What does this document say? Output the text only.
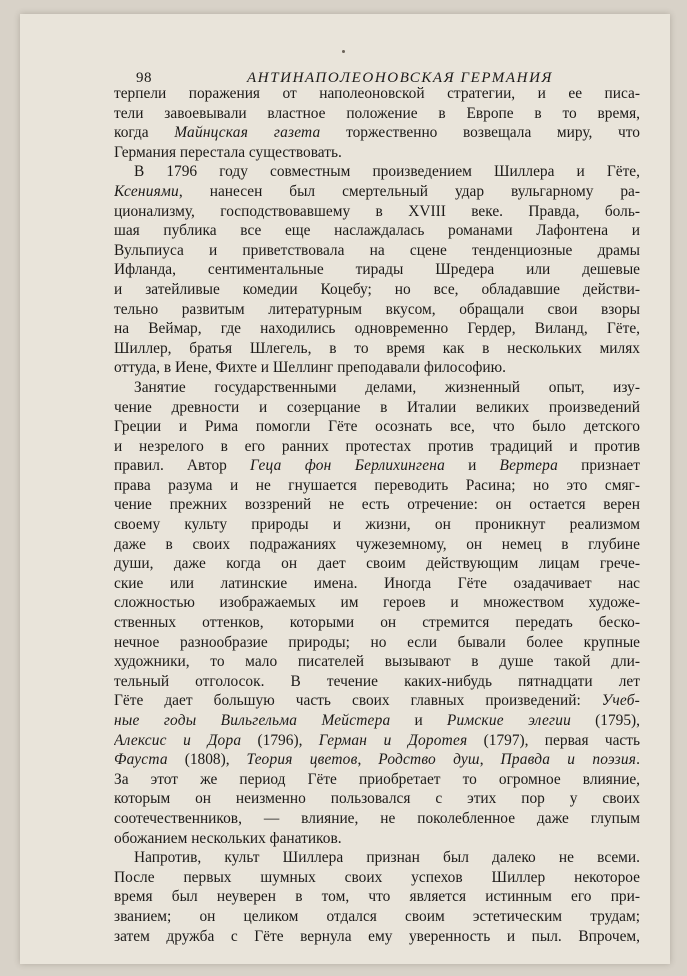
98	АНТИНАПОЛЕОНОВСКАЯ ГЕРМАНИЯ
терпели поражения от наполеоновской стратегии, и ее писа-
тели завоевывали властное положение в Европе в то время,
когда Майнцская газета торжественно возвещала миру, что
Германия перестала существовать.
В 1796 году совместным произведением Шиллера и Гёте,
Ксениями, нанесен был смертельный удар вульгарному ра-
ционализму, господствовавшему в XVIII веке. Правда, боль-
шая публика все еще наслаждалась романами Лафонтена и
Вульпиуса и приветствовала на сцене тенденциозные драмы
Ифланда, сентиментальные тирады Шредера или дешевые
и затейливые комедии Коцебу; но все, обладавшие действи-
тельно развитым литературным вкусом, обращали свои взоры
на Веймар, где находились одновременно Гердер, Виланд, Гёте,
Шиллер, братья Шлегель, в то время как в нескольких милях
оттуда, в Иене, Фихте и Шеллинг преподавали философию.
Занятие государственными делами, жизненный опыт, изу-
чение древности и созерцание в Италии великих произведений
Греции и Рима помогли Гёте осознать все, что было детского
и незрелого в его ранних протестах против традиций и против
правил. Автор Геца фон Берлихингена и Вертера признает
права разума и не гнушается переводить Расина; но это смяг-
чение прежних воззрений не есть отречение: он остается верен
своему культу природы и жизни, он проникнут реализмом
даже в своих подражаниях чужеземному, он немец в глубине
души, даже когда он дает своим действующим лицам грече-
ские или латинские имена. Иногда Гёте озадачивает нас
сложностью изображаемых им героев и множеством художе-
ственных оттенков, которыми он стремится передать беско-
нечное разнообразие природы; но если бывали более крупные
художники, то мало писателей вызывают в душе такой дли-
тельный отголосок. В течение каких-нибудь пятнадцати лет
Гёте дает большую часть своих главных произведений: Учеб-
ные годы Вильгельма Мейстера и Римские элегии (1795),
Алексис и Дора (1796), Герман и Доротея (1797), первая часть
Фауста (1808), Теория цветов, Родство душ, Правда и поэзия.
За этот же период Гёте приобретает то огромное влияние,
которым он неизменно пользовался с этих пор у своих
соотечественников, — влияние, не поколебленное даже глупым
обожанием нескольких фанатиков.
Напротив, культ Шиллера признан был далеко не всеми.
После первых шумных своих успехов Шиллер некоторое
время был неуверен в том, что является истинным его при-
званием; он целиком отдался своим эстетическим трудам;
затем дружба с Гёте вернула ему уверенность и пыл. Впрочем,
